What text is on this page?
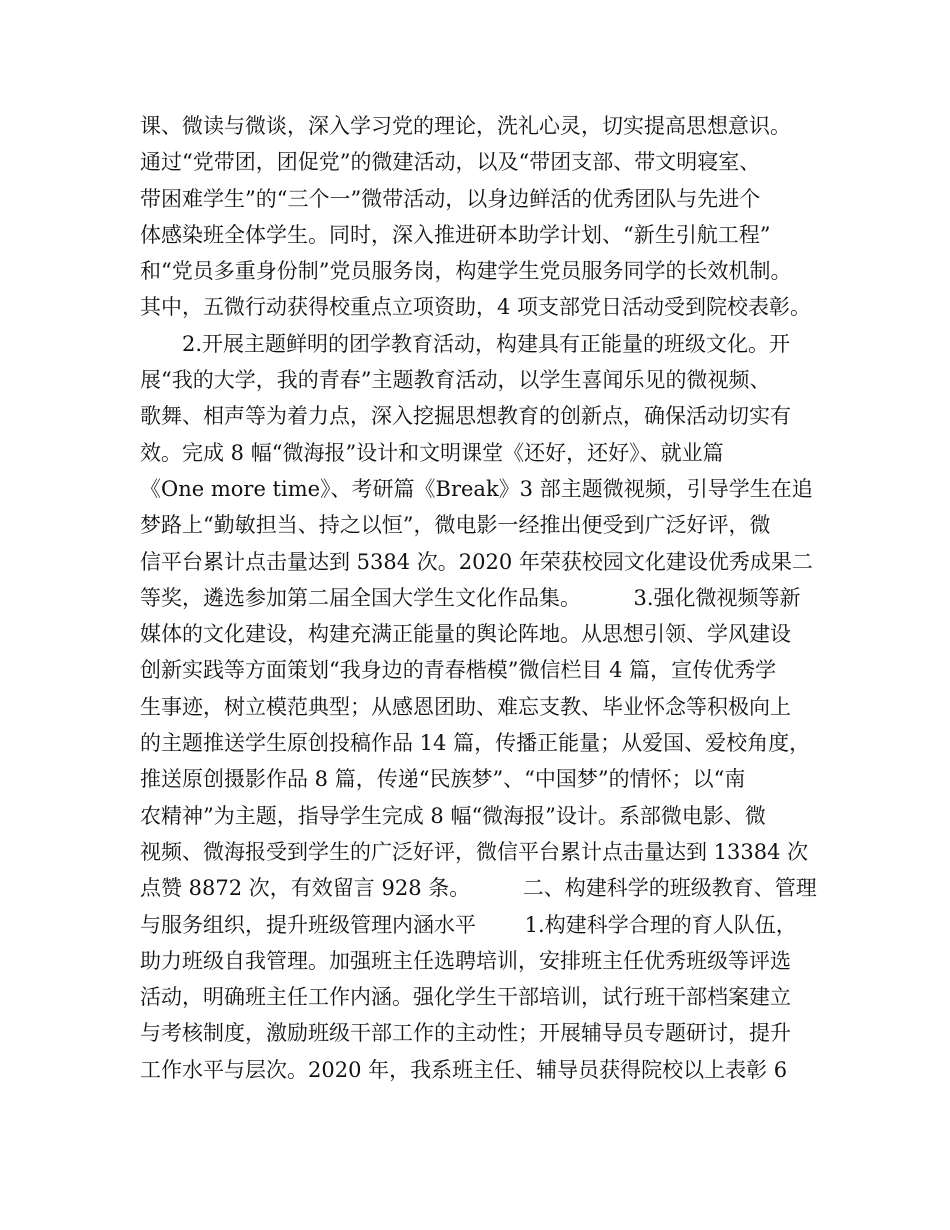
课、微读与微谈，深入学习党的理论，洗礼心灵，切实提高思想意识。
通过“党带团，团促党”的微建活动，以及“带团支部、带文明寝室、
带困难学生”的“三个一”微带活动，以身边鲜活的优秀团队与先进个
体感染班全体学生。同时，深入推进研本助学计划、“新生引航工程”
和“党员多重身份制”党员服务岗，构建学生党员服务同学的长效机制。
其中，五微行动获得校重点立项资助，4 项支部党日活动受到院校表彰。
　　2.开展主题鲜明的团学教育活动，构建具有正能量的班级文化。开
展“我的大学，我的青春”主题教育活动，以学生喜闻乐见的微视频、
歌舞、相声等为着力点，深入挖掘思想教育的创新点，确保活动切实有
效。完成 8 幅“微海报”设计和文明课堂《还好，还好》、就业篇
《One more time》、考研篇《Break》3 部主题微视频，引导学生在追
梦路上“勤敏担当、持之以恒”，微电影一经推出便受到广泛好评，微
信平台累计点击量达到 5384 次。2020 年荣获校园文化建设优秀成果二
等奖，遴选参加第二届全国大学生文化作品集。　　　3.强化微视频等新
媒体的文化建设，构建充满正能量的舆论阵地。从思想引领、学风建设
创新实践等方面策划“我身边的青春楷模”微信栏目 4 篇，宣传优秀学
生事迹，树立模范典型；从感恩团助、难忘支教、毕业怀念等积极向上
的主题推送学生原创投稿作品 14 篇，传播正能量；从爱国、爱校角度，
推送原创摄影作品 8 篇，传递“民族梦”、“中国梦”的情怀；以“南
农精神”为主题，指导学生完成 8 幅“微海报”设计。系部微电影、微
视频、微海报受到学生的广泛好评，微信平台累计点击量达到 13384 次
点赞 8872 次，有效留言 928 条。　　　二、构建科学的班级教育、管理
与服务组织，提升班级管理内涵水平　　 1.构建科学合理的育人队伍，
助力班级自我管理。加强班主任选聘培训，安排班主任优秀班级等评选
活动，明确班主任工作内涵。强化学生干部培训，试行班干部档案建立
与考核制度，激励班级干部工作的主动性；开展辅导员专题研讨，提升
工作水平与层次。2020 年，我系班主任、辅导员获得院校以上表彰 6
